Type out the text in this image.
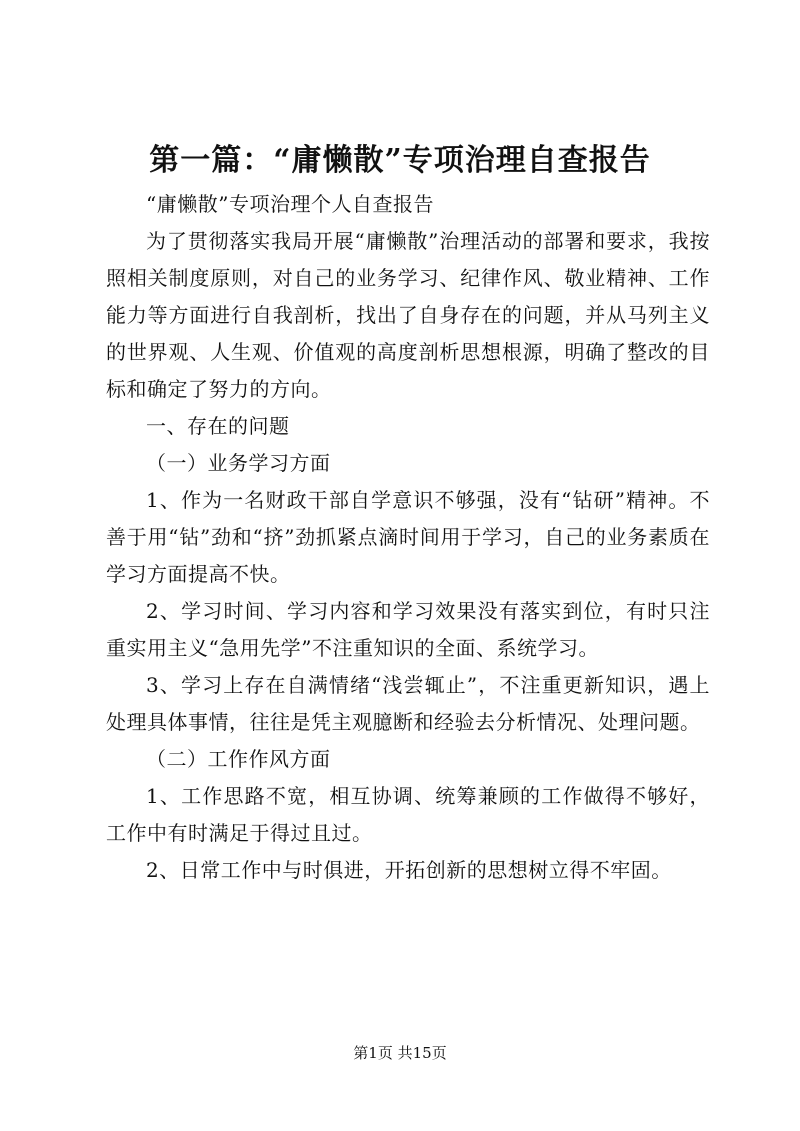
第一篇：“庸懒散”专项治理自查报告

“庸懒散”专项治理个人自查报告

为了贯彻落实我局开展“庸懒散”治理活动的部署和要求，我按照相关制度原则，对自己的业务学习、纪律作风、敬业精神、工作能力等方面进行自我剖析，找出了自身存在的问题，并从马列主义的世界观、人生观、价值观的高度剖析思想根源，明确了整改的目标和确定了努力的方向。

一、存在的问题

（一）业务学习方面

1、作为一名财政干部自学意识不够强，没有“钻研”精神。不善于用“钻”劲和“挤”劲抓紧点滴时间用于学习，自己的业务素质在学习方面提高不快。

2、学习时间、学习内容和学习效果没有落实到位，有时只注重实用主义“急用先学”不注重知识的全面、系统学习。

3、学习上存在自满情绪“浅尝辄止”，不注重更新知识，遇上处理具体事情，往往是凭主观臆断和经验去分析情况、处理问题。

（二）工作作风方面

1、工作思路不宽，相互协调、统筹兼顾的工作做得不够好，工作中有时满足于得过且过。

2、日常工作中与时俱进，开拓创新的思想树立得不牢固。

第1页 共15页
